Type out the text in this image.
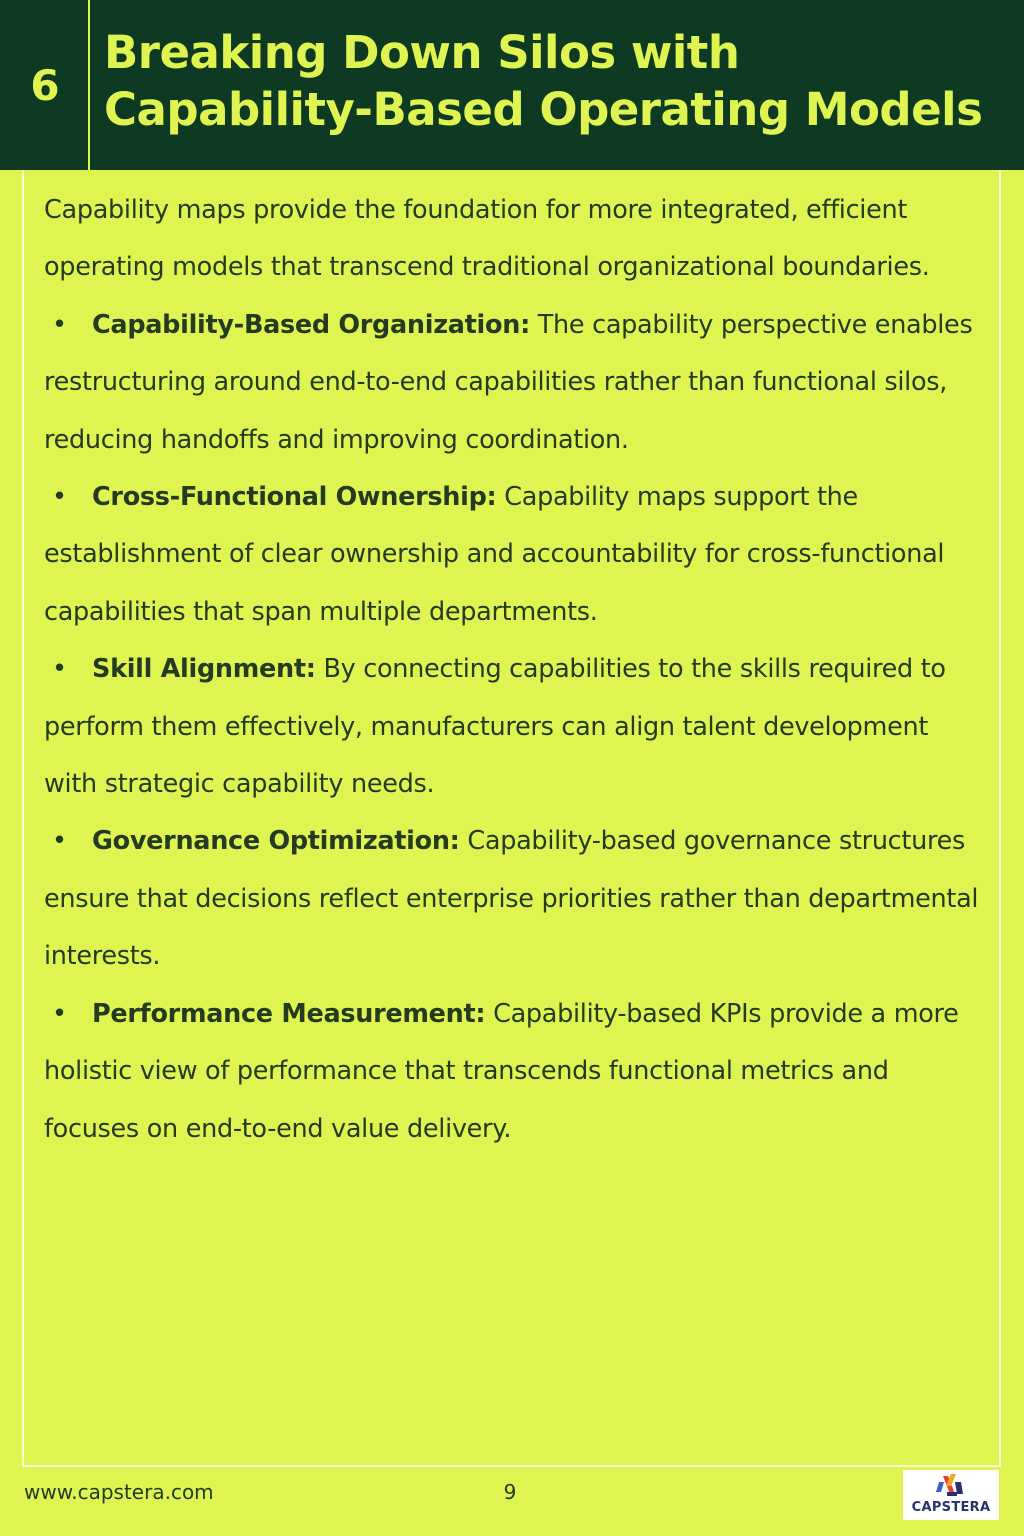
6
Breaking Down Silos with Capability-Based Operating Models

Capability maps provide the foundation for more integrated, efficient operating models that transcend traditional organizational boundaries.

• Capability-Based Organization: The capability perspective enables restructuring around end-to-end capabilities rather than functional silos, reducing handoffs and improving coordination.

• Cross-Functional Ownership: Capability maps support the establishment of clear ownership and accountability for cross-functional capabilities that span multiple departments.

• Skill Alignment: By connecting capabilities to the skills required to perform them effectively, manufacturers can align talent development with strategic capability needs.

• Governance Optimization: Capability-based governance structures ensure that decisions reflect enterprise priorities rather than departmental interests.

• Performance Measurement: Capability-based KPIs provide a more holistic view of performance that transcends functional metrics and focuses on end-to-end value delivery.

www.capstera.com	9
CAPSTERA
